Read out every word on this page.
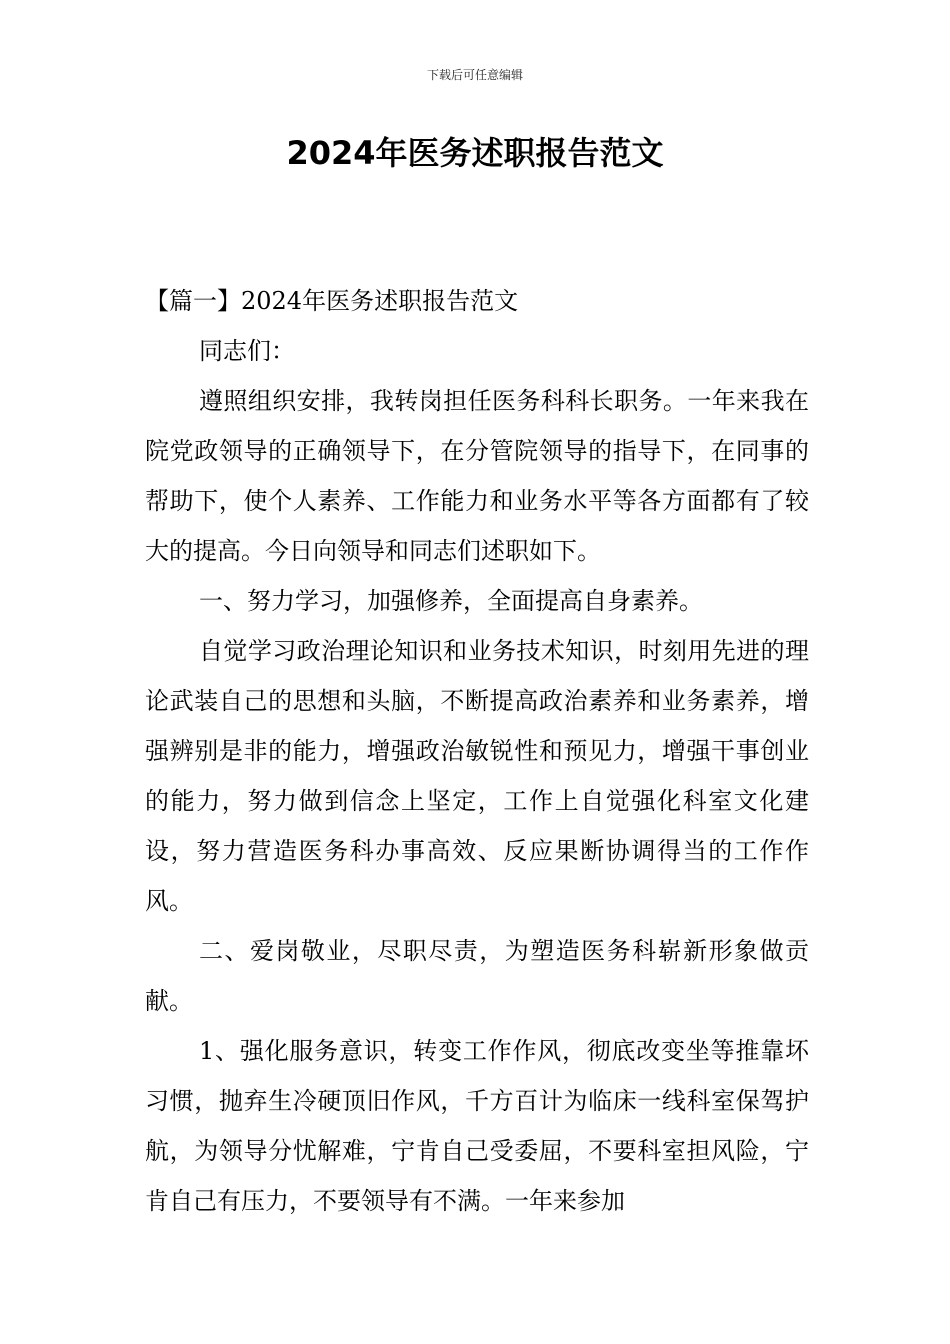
下载后可任意编辑
2024年医务述职报告范文

【篇一】2024年医务述职报告范文

同志们：

遵照组织安排，我转岗担任医务科科长职务。一年来我在院党政领导的正确领导下，在分管院领导的指导下，在同事的帮助下，使个人素养、工作能力和业务水平等各方面都有了较大的提高。今日向领导和同志们述职如下。

一、努力学习，加强修养，全面提高自身素养。

自觉学习政治理论知识和业务技术知识，时刻用先进的理论武装自己的思想和头脑，不断提高政治素养和业务素养，增强辨别是非的能力，增强政治敏锐性和预见力，增强干事创业的能力，努力做到信念上坚定，工作上自觉强化科室文化建设，努力营造医务科办事高效、反应果断协调得当的工作作风。

二、爱岗敬业，尽职尽责，为塑造医务科崭新形象做贡献。

1、强化服务意识，转变工作作风，彻底改变坐等推靠坏习惯，抛弃生冷硬顶旧作风，千方百计为临床一线科室保驾护航，为领导分忧解难，宁肯自己受委屈，不要科室担风险，宁肯自己有压力，不要领导有不满。一年来参加
